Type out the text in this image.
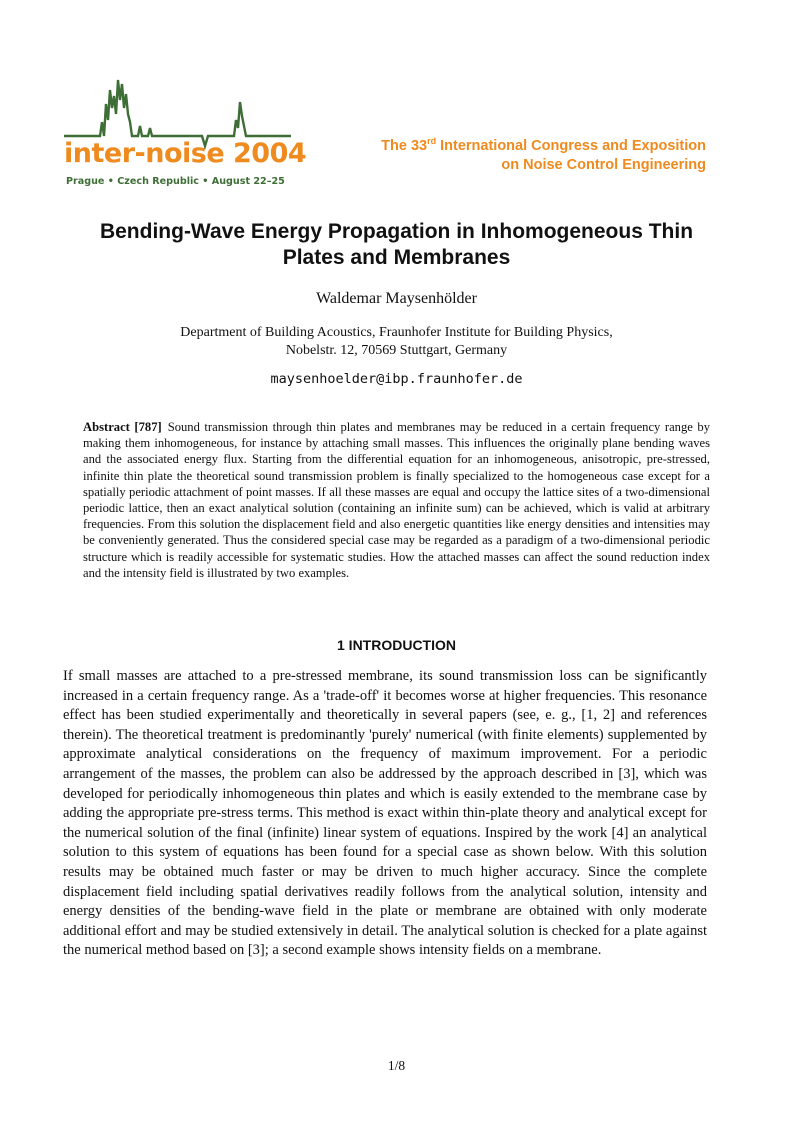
inter-noise 2004
Prague • Czech Republic • August 22–25
The 33rd International Congress and Exposition
on Noise Control Engineering
Bending-Wave Energy Propagation in Inhomogeneous Thin
Plates and Membranes
Waldemar Maysenhölder
Department of Building Acoustics, Fraunhofer Institute for Building Physics,
Nobelstr. 12, 70569 Stuttgart, Germany
maysenhoelder@ibp.fraunhofer.de
Abstract [787] Sound transmission through thin plates and membranes may be reduced in a certain frequency range by making them inhomogeneous, for instance by attaching small masses. This influences the originally plane bending waves and the associated energy flux. Starting from the differential equation for an inhomogeneous, anisotropic, pre-stressed, infinite thin plate the theoretical sound transmission problem is finally specialized to the homogeneous case except for a spatially periodic attachment of point masses. If all these masses are equal and occupy the lattice sites of a two-dimensional periodic lattice, then an exact analytical solution (containing an infinite sum) can be achieved, which is valid at arbitrary frequencies. From this solution the displacement field and also energetic quantities like energy densities and intensities may be conveniently generated. Thus the considered special case may be regarded as a paradigm of a two-dimensional periodic structure which is readily accessible for systematic studies. How the attached masses can affect the sound reduction index and the intensity field is illustrated by two examples.
1 INTRODUCTION
If small masses are attached to a pre-stressed membrane, its sound transmission loss can be significantly increased in a certain frequency range. As a 'trade-off' it becomes worse at higher frequencies. This resonance effect has been studied experimentally and theoretically in several papers (see, e. g., [1, 2] and references therein). The theoretical treatment is predominantly 'purely' numerical (with finite elements) supplemented by approximate analytical considerations on the frequency of maximum improvement. For a periodic arrangement of the masses, the problem can also be addressed by the approach described in [3], which was developed for periodically inhomogeneous thin plates and which is easily extended to the membrane case by adding the appropriate pre-stress terms. This method is exact within thin-plate theory and analytical except for the numerical solution of the final (infinite) linear system of equations. Inspired by the work [4] an analytical solution to this system of equations has been found for a special case as shown below. With this solution results may be obtained much faster or may be driven to much higher accuracy. Since the complete displacement field including spatial derivatives readily follows from the analytical solution, intensity and energy densities of the bending-wave field in the plate or membrane are obtained with only moderate additional effort and may be studied extensively in detail. The analytical solution is checked for a plate against the numerical method based on [3]; a second example shows intensity fields on a membrane.
1/8
